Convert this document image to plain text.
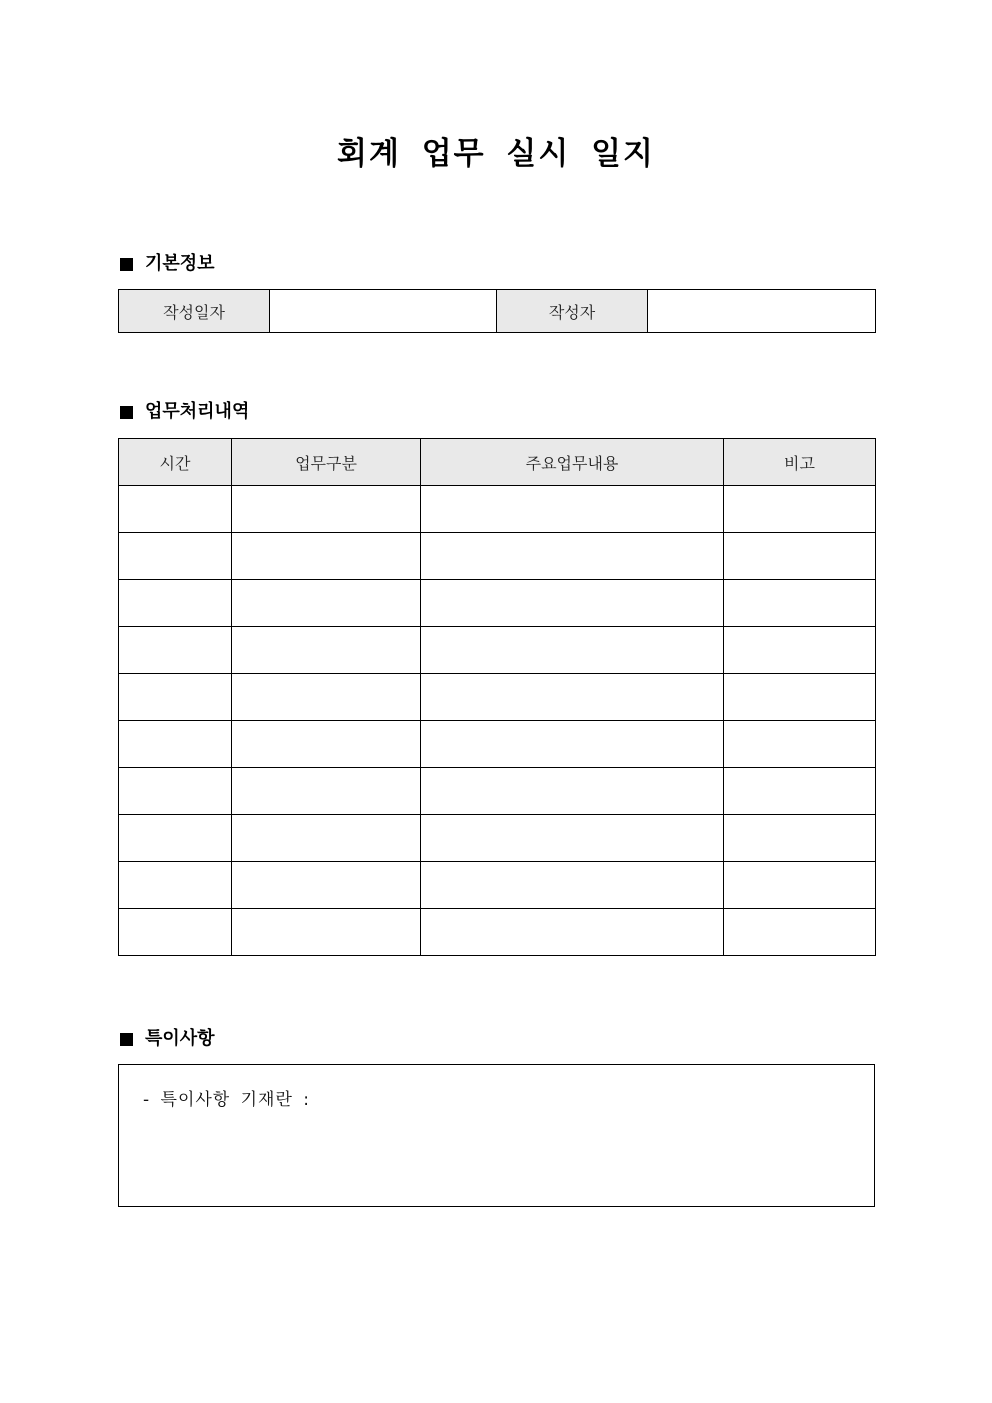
회계 업무 실시 일지
기본정보
작성일자		작성자	
업무처리내역
시간	업무구분	주요업무내용	비고

특이사항
- 특이사항 기재란 :
